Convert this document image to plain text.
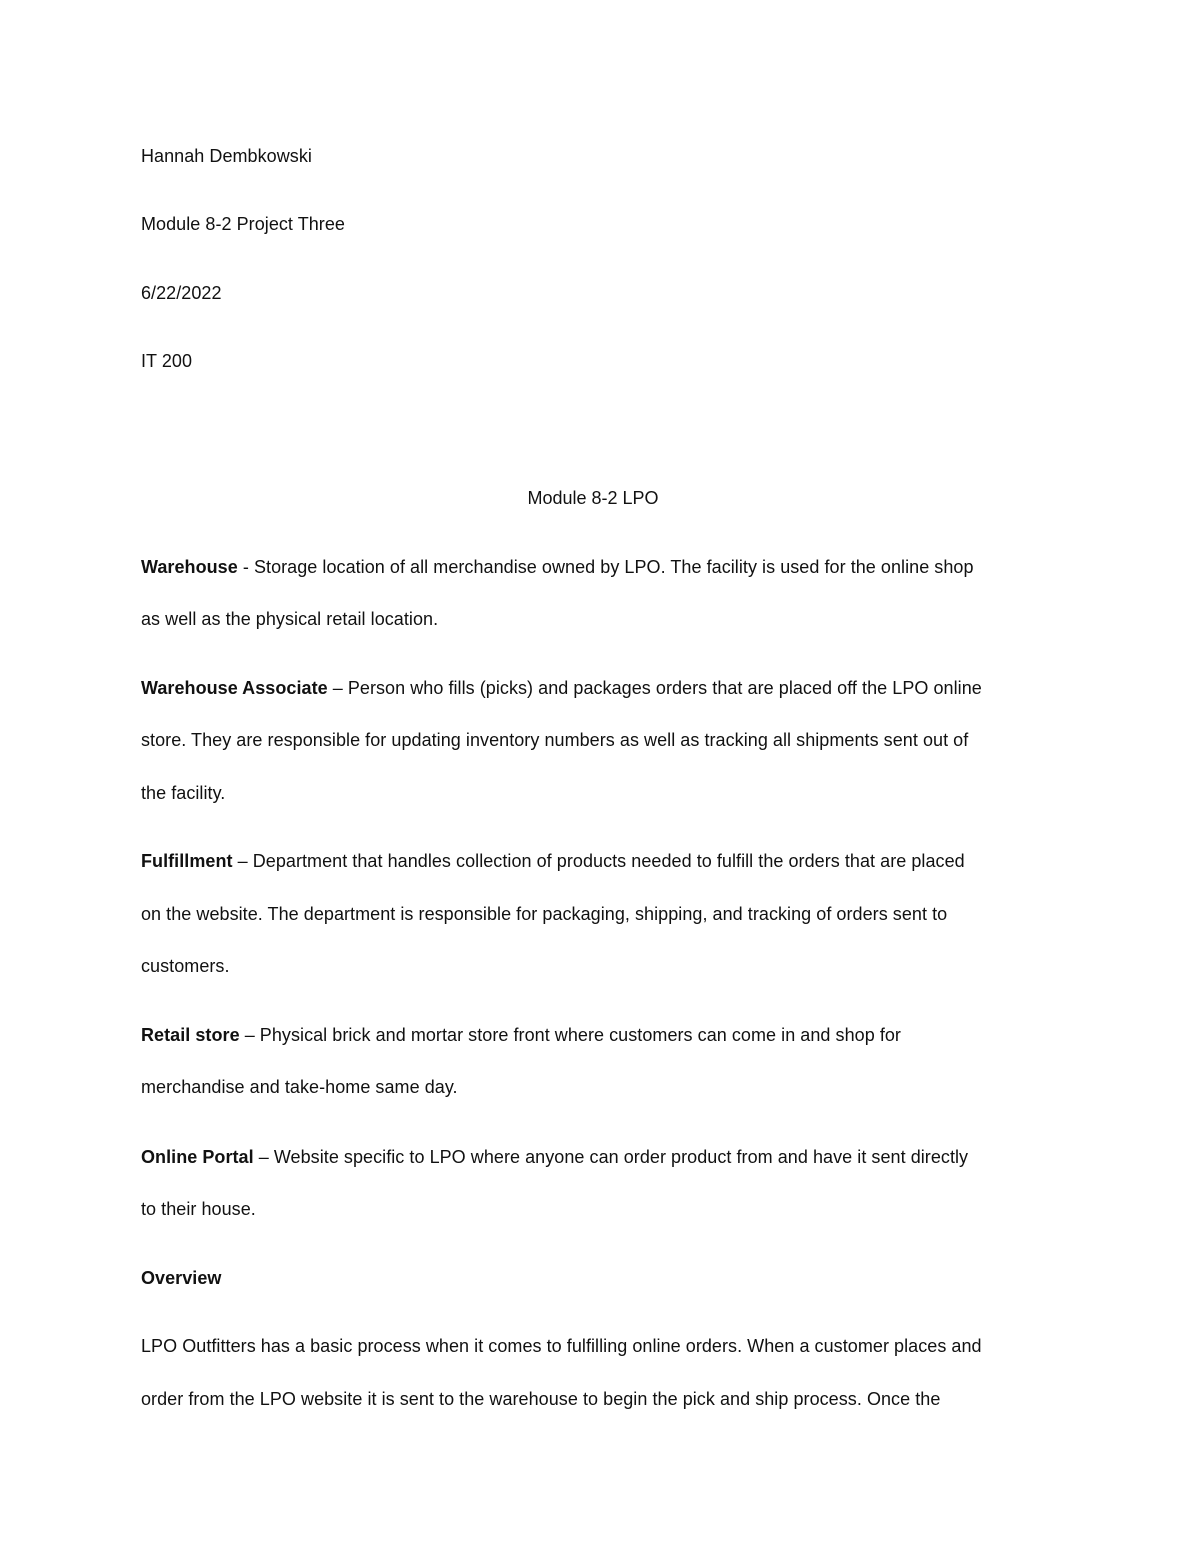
Hannah Dembkowski
Module 8-2 Project Three
6/22/2022
IT 200
Module 8-2 LPO
Warehouse - Storage location of all merchandise owned by LPO. The facility is used for the online shop
as well as the physical retail location.
Warehouse Associate – Person who fills (picks) and packages orders that are placed off the LPO online
store. They are responsible for updating inventory numbers as well as tracking all shipments sent out of
the facility.
Fulfillment – Department that handles collection of products needed to fulfill the orders that are placed
on the website. The department is responsible for packaging, shipping, and tracking of orders sent to
customers.
Retail store – Physical brick and mortar store front where customers can come in and shop for
merchandise and take-home same day.
Online Portal – Website specific to LPO where anyone can order product from and have it sent directly
to their house.
Overview
LPO Outfitters has a basic process when it comes to fulfilling online orders. When a customer places and
order from the LPO website it is sent to the warehouse to begin the pick and ship process. Once the
